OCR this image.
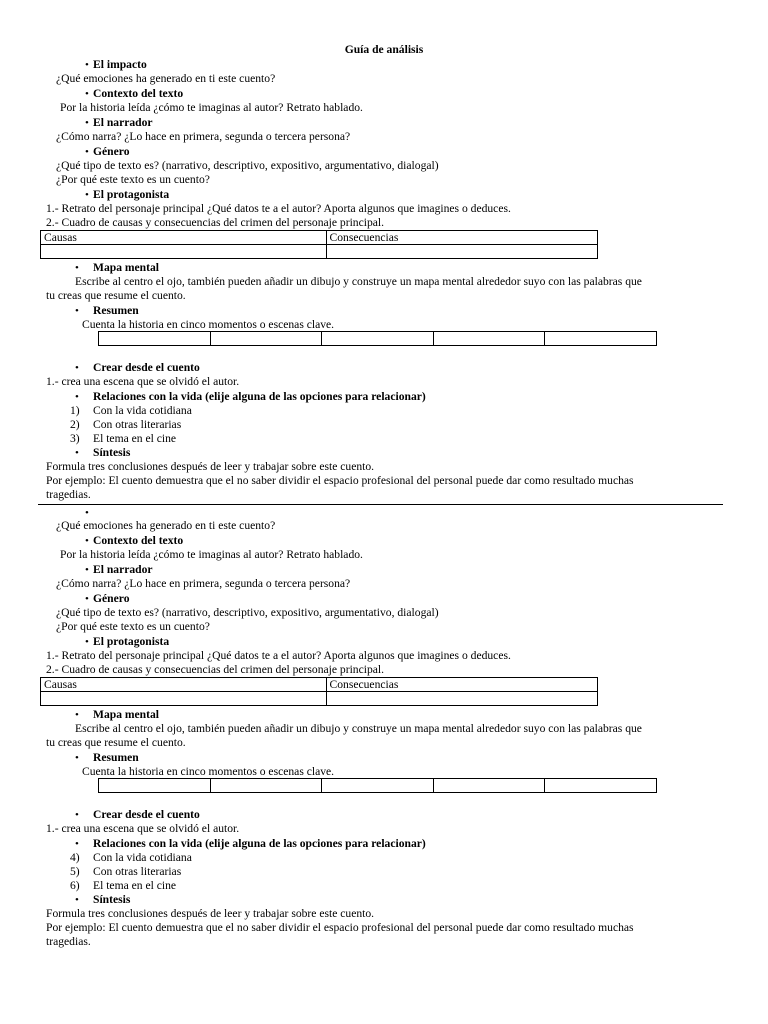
Guía de análisis
• El impacto
¿Qué emociones ha generado en ti este cuento?
• Contexto del texto
Por la historia leída ¿cómo te imaginas al autor? Retrato hablado.
• El narrador
¿Cómo narra? ¿Lo hace en primera, segunda o tercera persona?
• Género
¿Qué tipo de texto es? (narrativo, descriptivo, expositivo, argumentativo, dialogal)
¿Por qué este texto es un cuento?
• El protagonista
1.- Retrato del personaje principal ¿Qué datos te a el autor? Aporta algunos que imagines o deduces.
2.- Cuadro de causas y consecuencias del crimen del personaje principal.
Causas	Consecuencias

• Mapa mental
Escribe al centro el ojo, también pueden añadir un dibujo y construye un mapa mental alrededor suyo con las palabras que
tu creas que resume el cuento.
• Resumen
Cuenta la historia en cinco momentos o escenas clave.

• Crear desde el cuento
1.- crea una escena que se olvidó el autor.
• Relaciones con la vida (elije alguna de las opciones para relacionar)
1) Con la vida cotidiana
2) Con otras literarias
3) El tema en el cine
• Síntesis
Formula tres conclusiones después de leer y trabajar sobre este cuento.
Por ejemplo: El cuento demuestra que el no saber dividir el espacio profesional del personal puede dar como resultado muchas
tragedias.
•
¿Qué emociones ha generado en ti este cuento?
• Contexto del texto
Por la historia leída ¿cómo te imaginas al autor? Retrato hablado.
• El narrador
¿Cómo narra? ¿Lo hace en primera, segunda o tercera persona?
• Género
¿Qué tipo de texto es? (narrativo, descriptivo, expositivo, argumentativo, dialogal)
¿Por qué este texto es un cuento?
• El protagonista
1.- Retrato del personaje principal ¿Qué datos te a el autor? Aporta algunos que imagines o deduces.
2.- Cuadro de causas y consecuencias del crimen del personaje principal.
Causas	Consecuencias

• Mapa mental
Escribe al centro el ojo, también pueden añadir un dibujo y construye un mapa mental alrededor suyo con las palabras que
tu creas que resume el cuento.
• Resumen
Cuenta la historia en cinco momentos o escenas clave.

• Crear desde el cuento
1.- crea una escena que se olvidó el autor.
• Relaciones con la vida (elije alguna de las opciones para relacionar)
4) Con la vida cotidiana
5) Con otras literarias
6) El tema en el cine
• Síntesis
Formula tres conclusiones después de leer y trabajar sobre este cuento.
Por ejemplo: El cuento demuestra que el no saber dividir el espacio profesional del personal puede dar como resultado muchas
tragedias.
